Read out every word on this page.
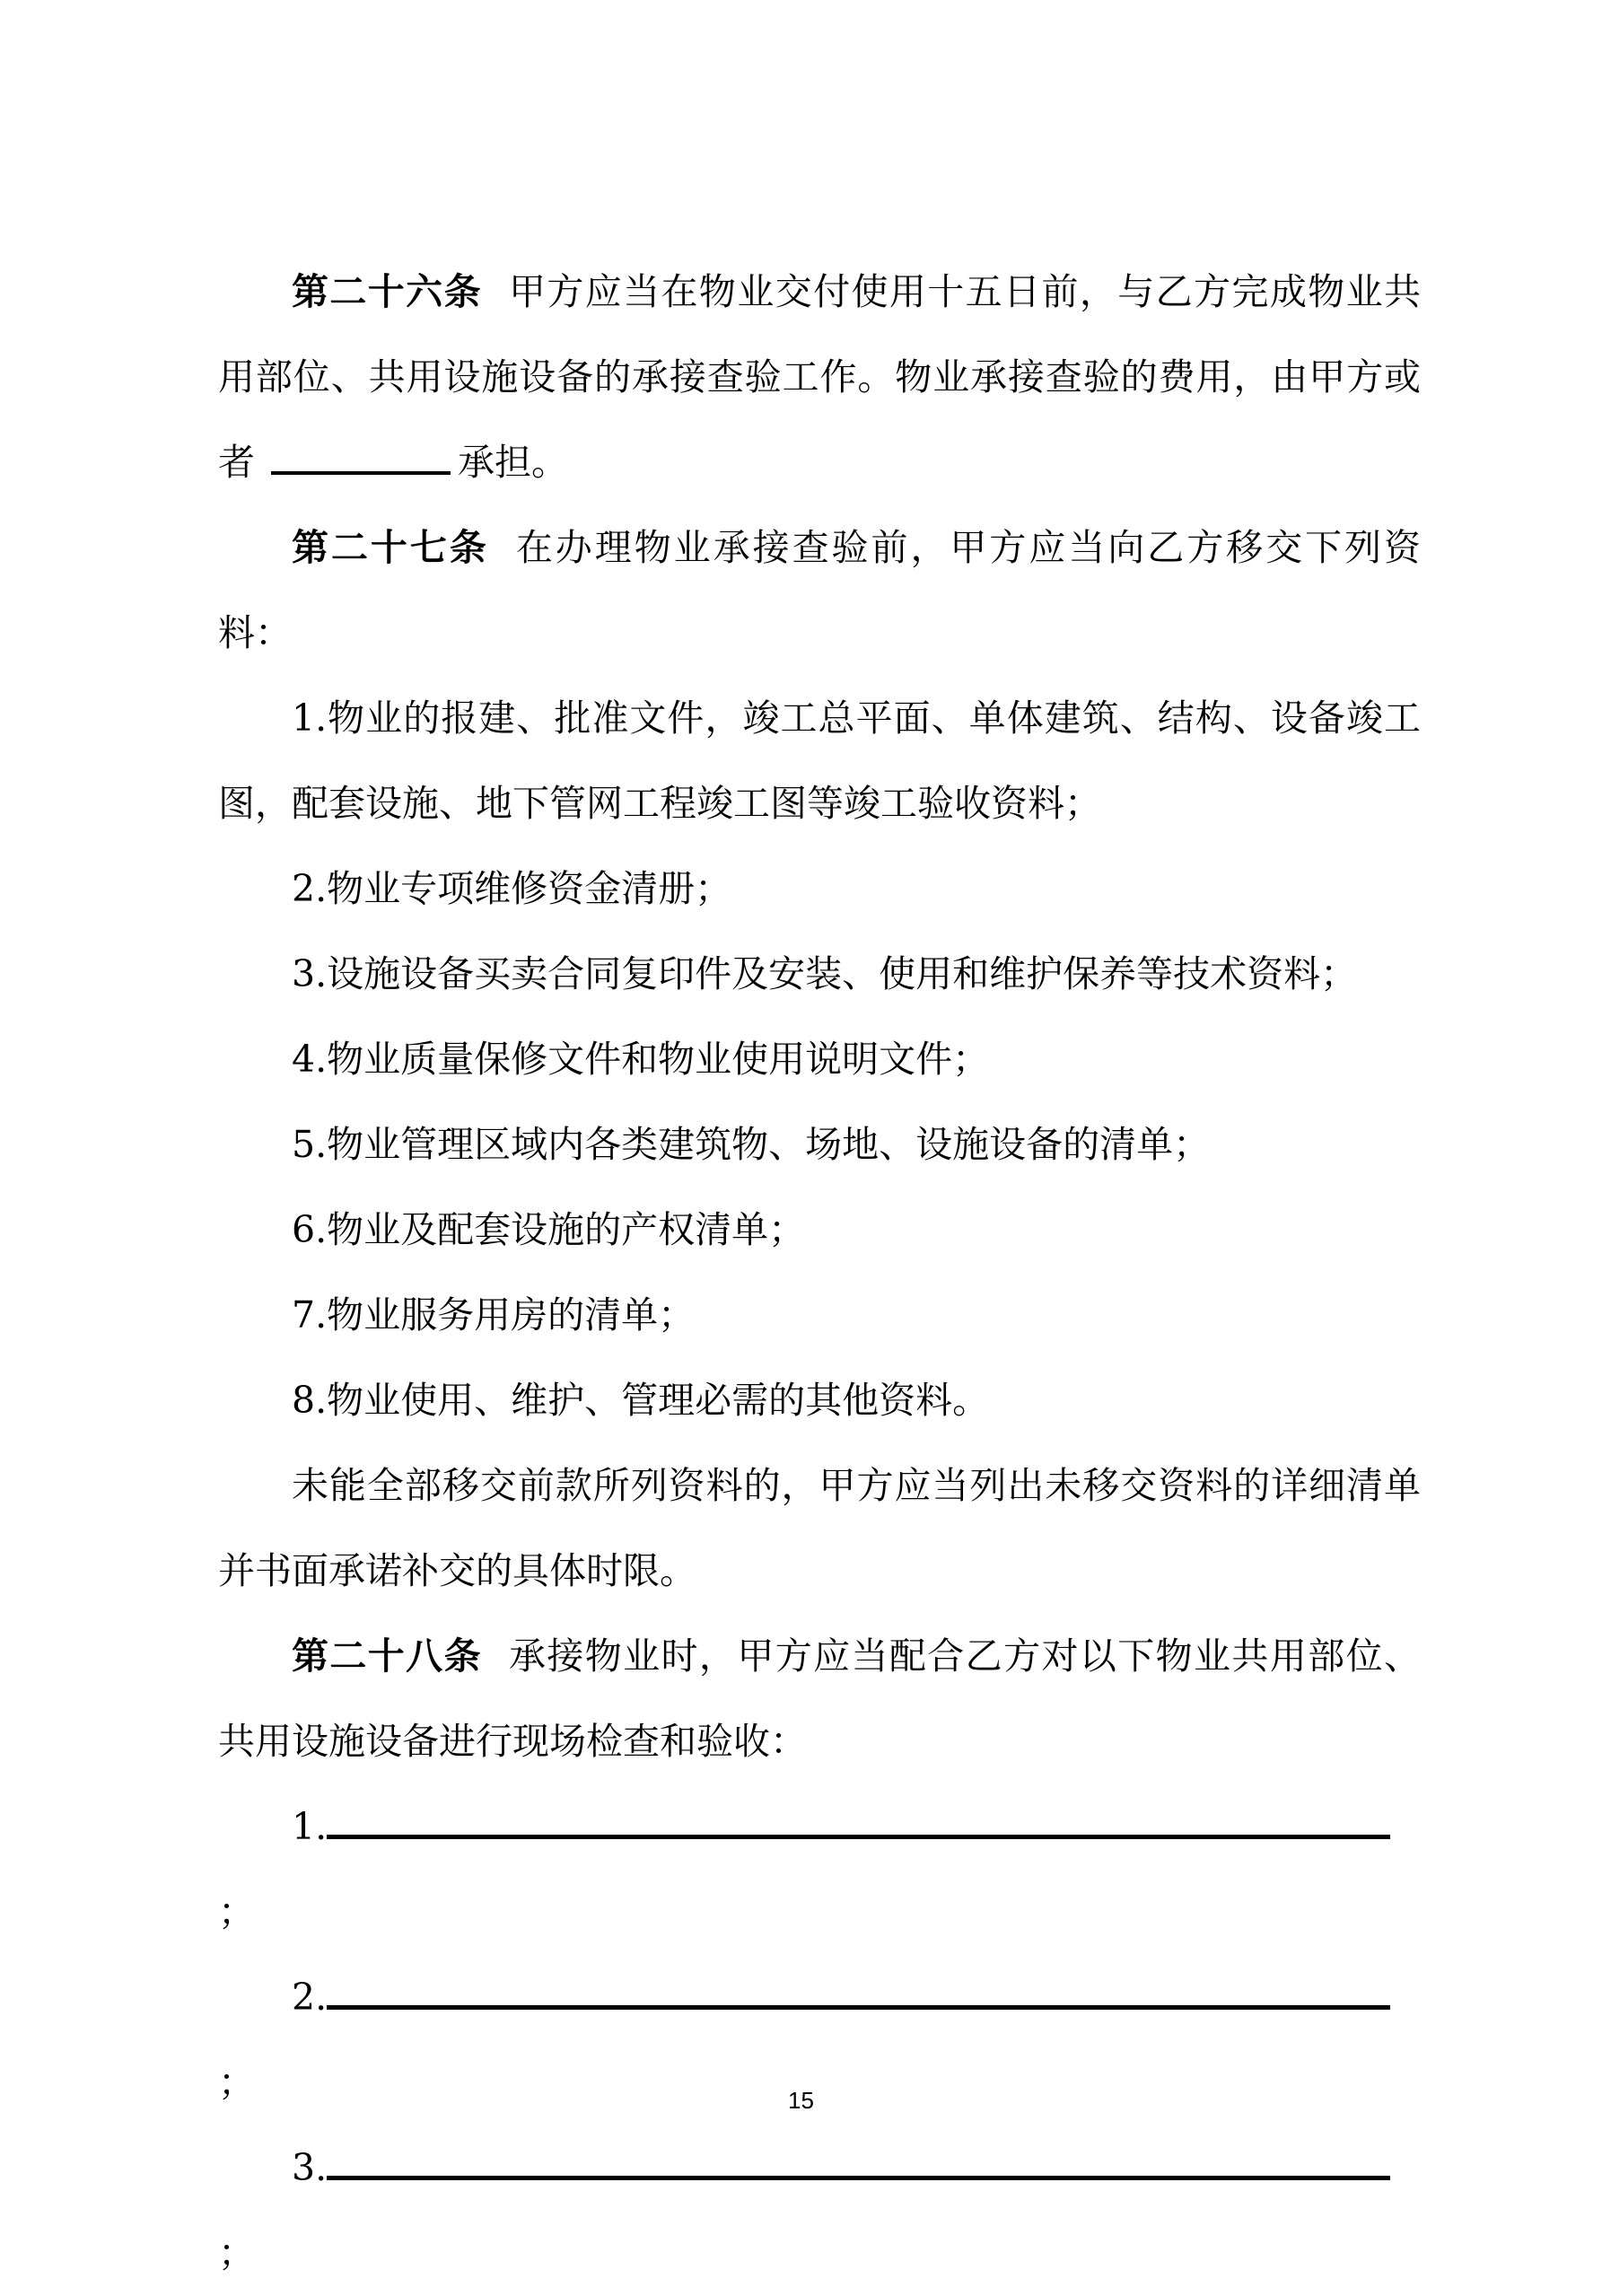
第二十六条 甲方应当在物业交付使用十五日前，与乙方完成物业共用部位、共用设施设备的承接查验工作。物业承接查验的费用，由甲方或者	承担。

第二十七条 在办理物业承接查验前，甲方应当向乙方移交下列资料：

1.物业的报建、批准文件，竣工总平面、单体建筑、结构、设备竣工图，配套设施、地下管网工程竣工图等竣工验收资料；

2.物业专项维修资金清册；

3.设施设备买卖合同复印件及安装、使用和维护保养等技术资料；

4.物业质量保修文件和物业使用说明文件；

5.物业管理区域内各类建筑物、场地、设施设备的清单；

6.物业及配套设施的产权清单；

7.物业服务用房的清单；

8.物业使用、维护、管理必需的其他资料。

未能全部移交前款所列资料的，甲方应当列出未移交资料的详细清单并书面承诺补交的具体时限。

第二十八条 承接物业时，甲方应当配合乙方对以下物业共用部位、共用设施设备进行现场检查和验收：

1.；

2.；

3.；

15
